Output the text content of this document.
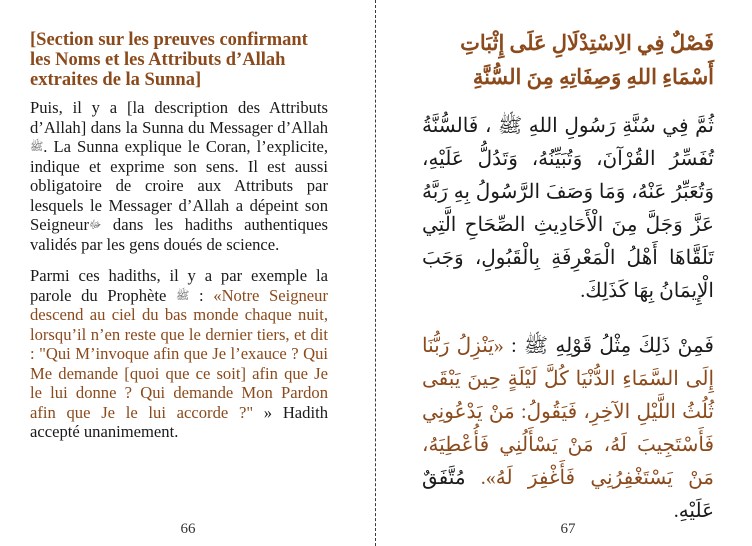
[Section sur les preuves confirmant les Noms et les Attributs d’Allah extraites de la Sunna]

Puis, il y a [la description des Attributs d’Allah] dans la Sunna du Messager d’Allah ﷺ. La Sunna explique le Coran, l’explicite, indique et exprime son sens. Il est aussi obligatoire de croire aux Attributs par lesquels le Messager d’Allah a dépeint son Seigneurﷻ dans les hadiths authentiques validés par les gens doués de science.

Parmi ces hadiths, il y a par exemple la parole du Prophète ﷺ : «Notre Seigneur descend au ciel du bas monde chaque nuit, lorsqu’il n’en reste que le dernier tiers, et dit : "Qui M’invoque afin que Je l’exauce ? Qui Me demande [quoi que ce soit] afin que Je le lui donne ? Qui demande Mon Pardon afin que Je le lui accorde ?" » Hadith accepté unanimement.

66

فَصْلٌ فِي الِاسْتِدْلَالِ عَلَى إِثْبَاتِ أَسْمَاءِ اللهِ وَصِفَاتِهِ مِنَ السُّنَّةِ

ثُمَّ فِي سُنَّةِ رَسُولِ اللهِ ﷺ ، فَالسُّنَّةُ تُفَسِّرُ القُرْآنَ، وَتُبَيِّنُهُ، وَتَدُلُّ عَلَيْهِ، وَتُعَبِّرُ عَنْهُ، وَمَا وَصَفَ الرَّسُولُ بِهِ رَبَّهُ عَزَّ وَجَلَّ مِنَ الْأَحَادِيثِ الصِّحَاحِ الَّتِي تَلَقَّاهَا أَهْلُ الْمَعْرِفَةِ بِالْقَبُولِ، وَجَبَ الْإِيمَانُ بِهَا كَذَلِكَ.

فَمِنْ ذَلِكَ مِثْلُ قَوْلِهِ ﷺ : «يَنْزِلُ رَبُّنَا إِلَى السَّمَاءِ الدُّنْيَا كُلَّ لَيْلَةٍ حِينَ يَبْقَى ثُلُثُ اللَّيْلِ الآخِرِ، فَيَقُولُ: مَنْ يَدْعُونِي فَأَسْتَجِيبَ لَهُ، مَنْ يَسْأَلُنِي فَأُعْطِيَهُ، مَنْ يَسْتَغْفِرُنِي فَأَغْفِرَ لَهُ». مُتَّفَقٌ عَلَيْهِ.

67
